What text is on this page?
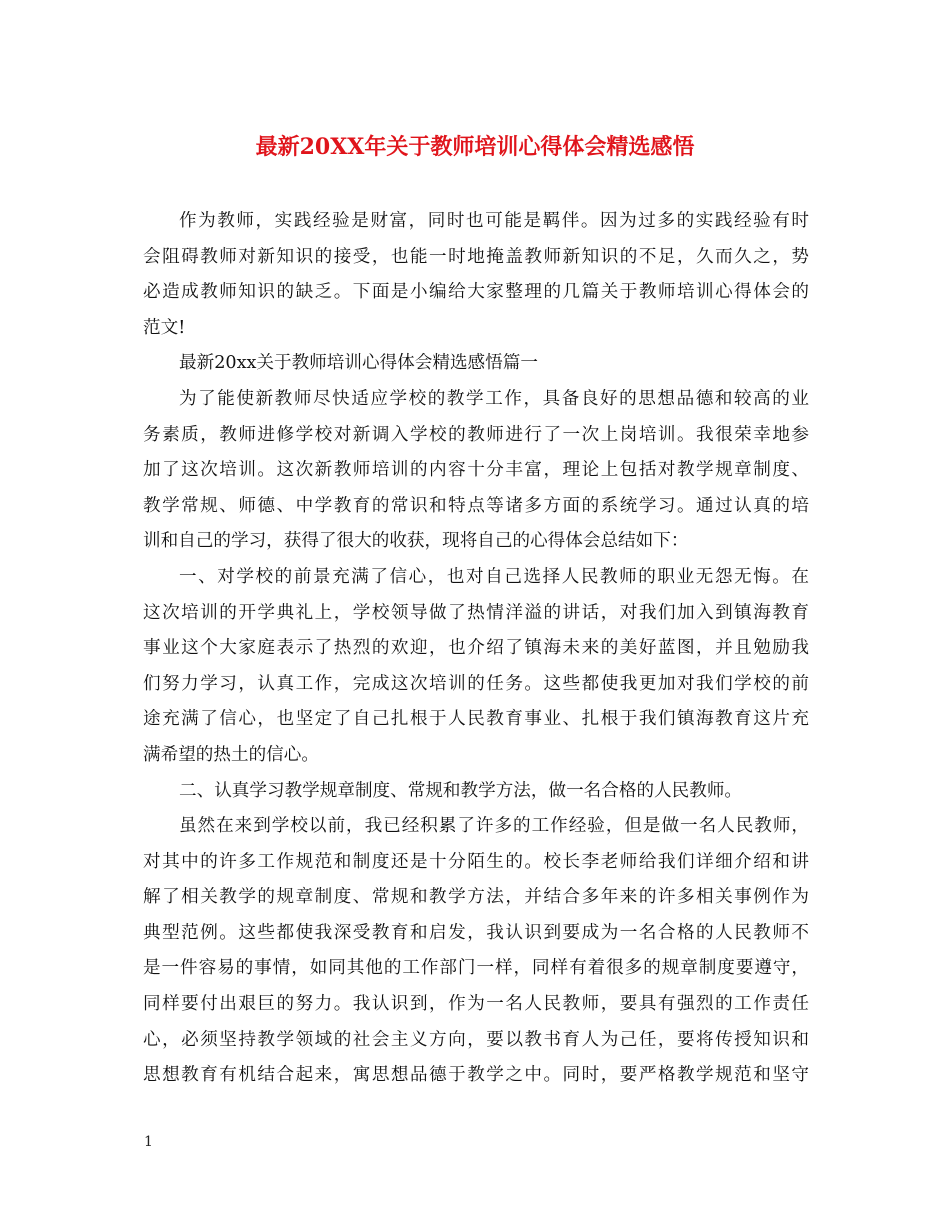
最新20XX年关于教师培训心得体会精选感悟
作为教师，实践经验是财富，同时也可能是羁伴。因为过多的实践经验有时
会阻碍教师对新知识的接受，也能一时地掩盖教师新知识的不足，久而久之，势
必造成教师知识的缺乏。下面是小编给大家整理的几篇关于教师培训心得体会的
范文!
最新20xx关于教师培训心得体会精选感悟篇一
为了能使新教师尽快适应学校的教学工作，具备良好的思想品德和较高的业
务素质，教师进修学校对新调入学校的教师进行了一次上岗培训。我很荣幸地参
加了这次培训。这次新教师培训的内容十分丰富，理论上包括对教学规章制度、
教学常规、师德、中学教育的常识和特点等诸多方面的系统学习。通过认真的培
训和自己的学习，获得了很大的收获，现将自己的心得体会总结如下：
一、对学校的前景充满了信心，也对自己选择人民教师的职业无怨无悔。在
这次培训的开学典礼上，学校领导做了热情洋溢的讲话，对我们加入到镇海教育
事业这个大家庭表示了热烈的欢迎，也介绍了镇海未来的美好蓝图，并且勉励我
们努力学习，认真工作，完成这次培训的任务。这些都使我更加对我们学校的前
途充满了信心，也坚定了自己扎根于人民教育事业、扎根于我们镇海教育这片充
满希望的热土的信心。
二、认真学习教学规章制度、常规和教学方法，做一名合格的人民教师。
虽然在来到学校以前，我已经积累了许多的工作经验，但是做一名人民教师，
对其中的许多工作规范和制度还是十分陌生的。校长李老师给我们详细介绍和讲
解了相关教学的规章制度、常规和教学方法，并结合多年来的许多相关事例作为
典型范例。这些都使我深受教育和启发，我认识到要成为一名合格的人民教师不
是一件容易的事情，如同其他的工作部门一样，同样有着很多的规章制度要遵守，
同样要付出艰巨的努力。我认识到，作为一名人民教师，要具有强烈的工作责任
心，必须坚持教学领域的社会主义方向，要以教书育人为己任，要将传授知识和
思想教育有机结合起来，寓思想品德于教学之中。同时，要严格教学规范和坚守
1
